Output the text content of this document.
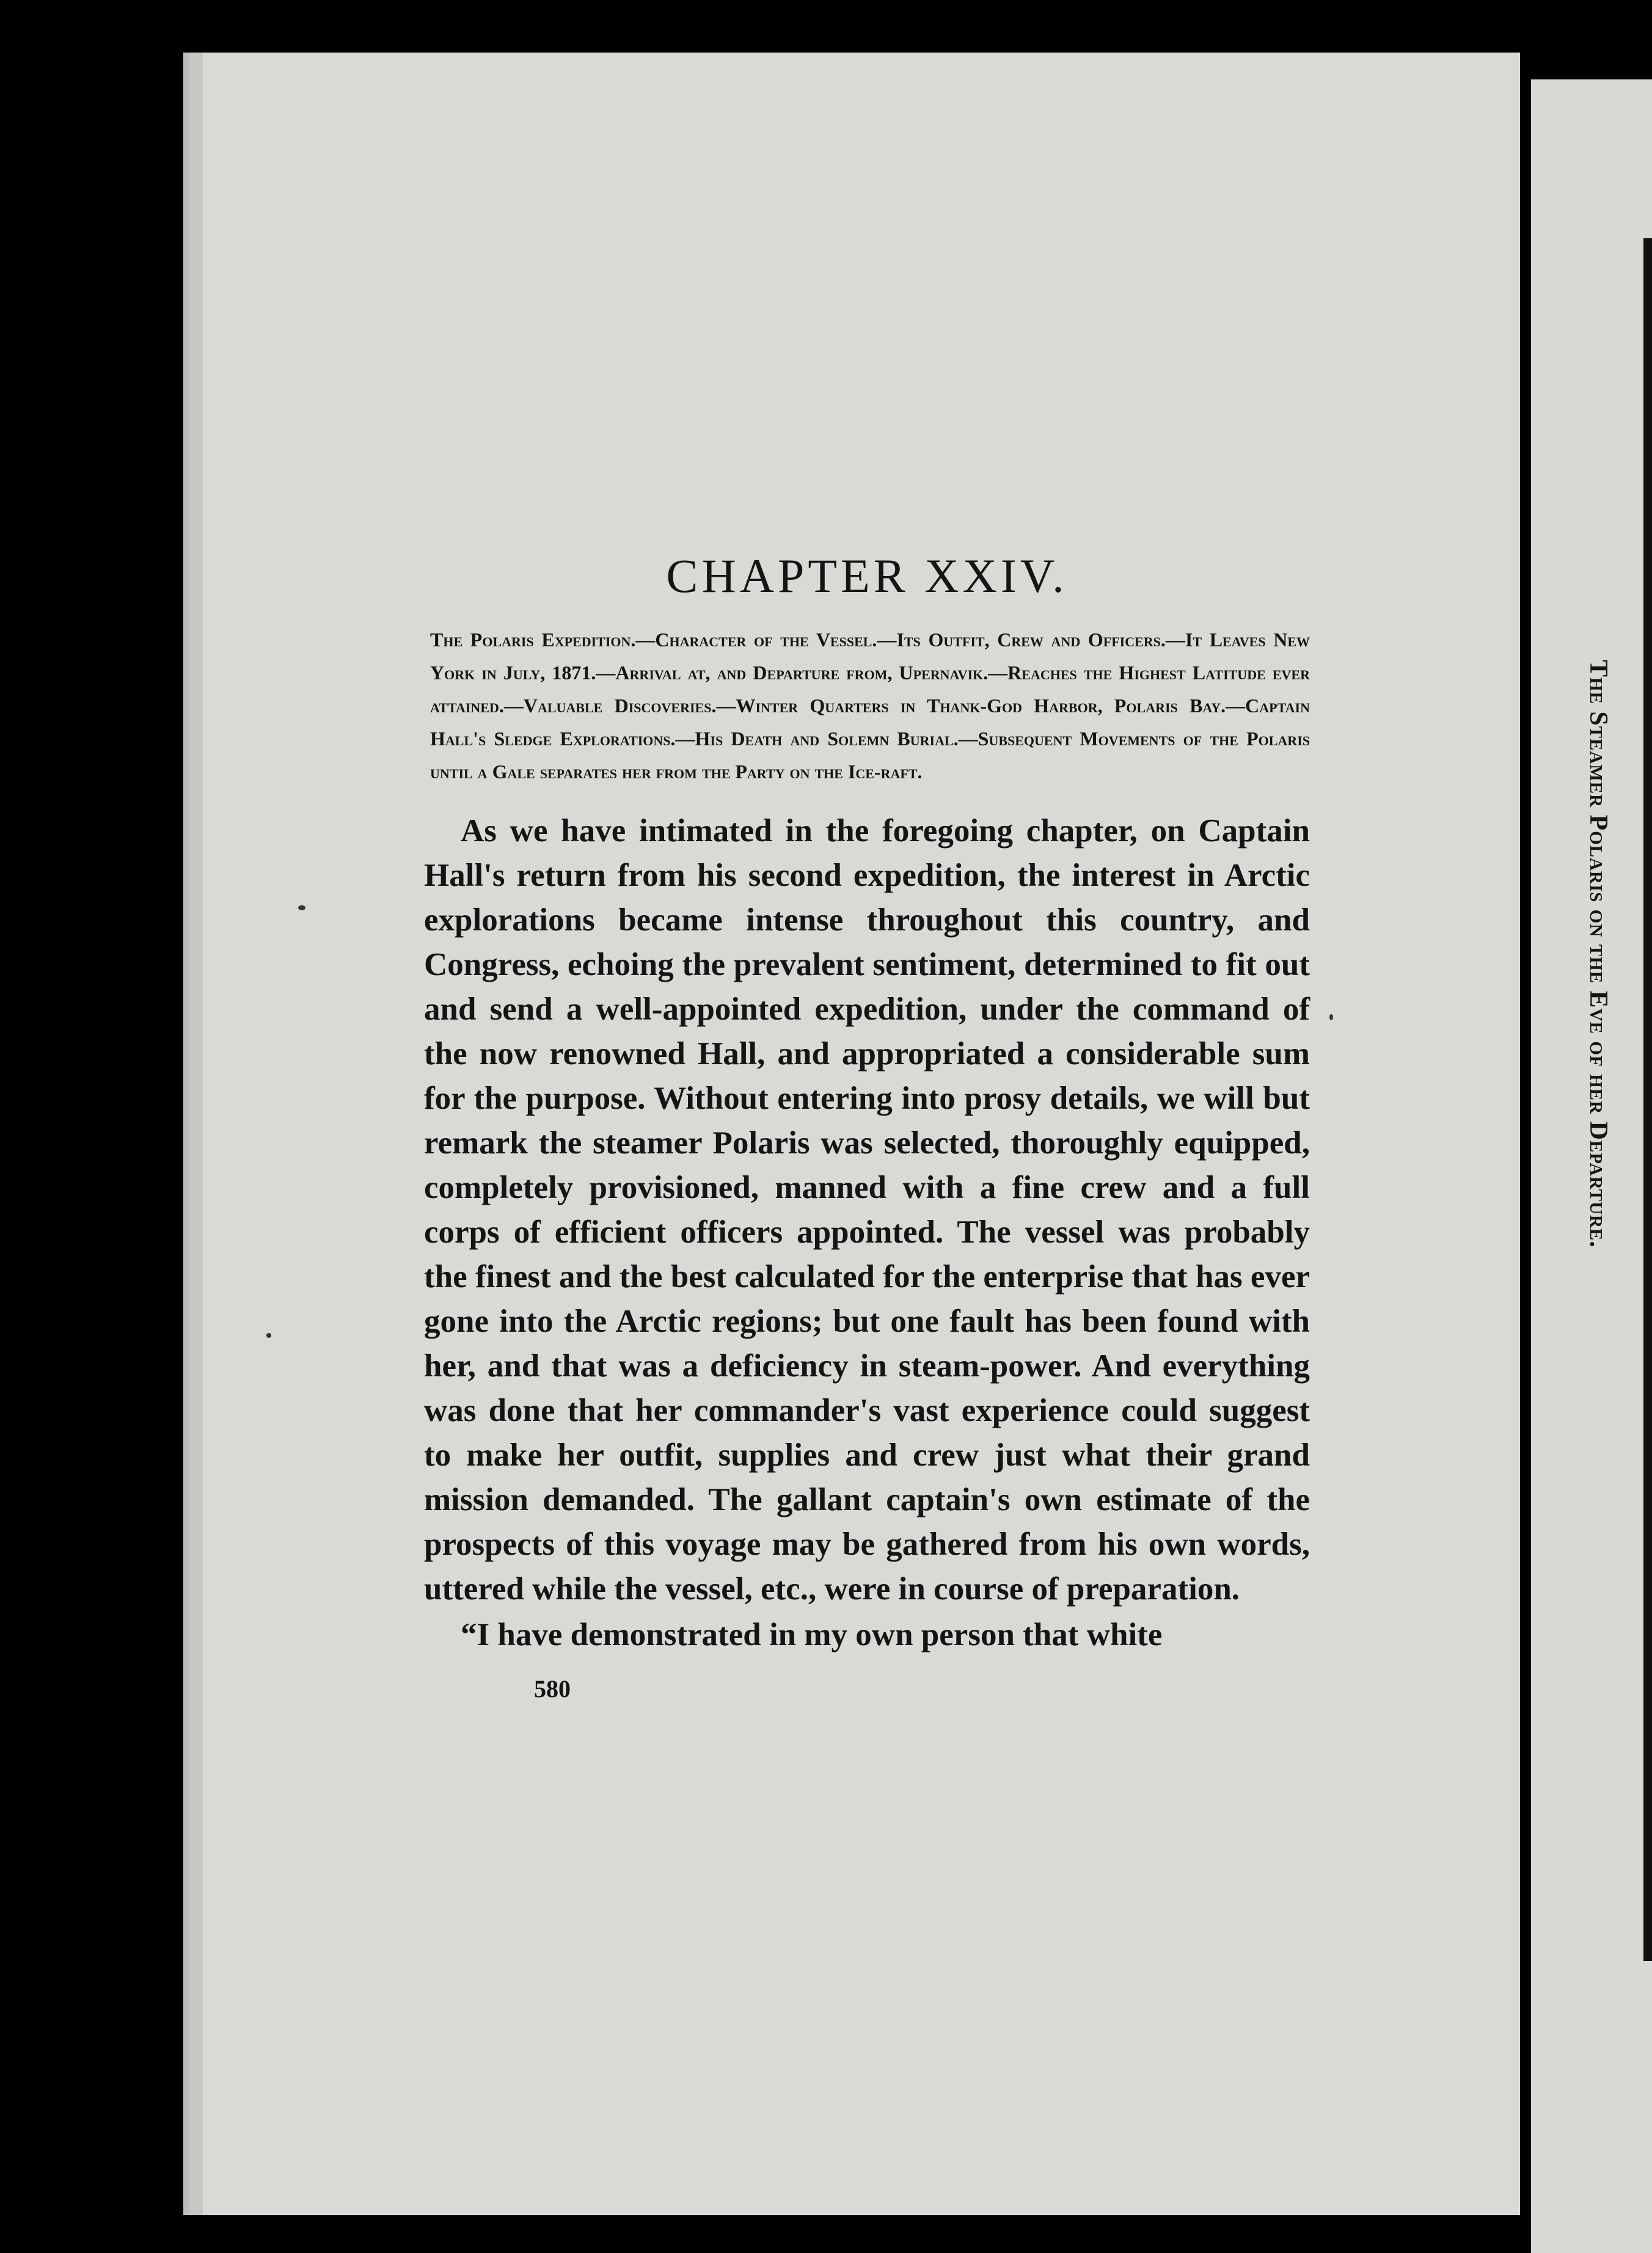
CHAPTER XXIV.

The Polaris Expedition.—Character of the Vessel.—Its Outfit, Crew and Officers.—It Leaves New York in July, 1871.—Arrival at, and Departure from, Upernavik.—Reaches the Highest Latitude ever attained.—Valuable Discoveries.—Winter Quarters in Thank-God Harbor, Polaris Bay.—Captain Hall's Sledge Explorations.—His Death and Solemn Burial.—Subsequent Movements of the Polaris until a Gale separates her from the Party on the Ice-raft.

As we have intimated in the foregoing chapter, on Captain Hall's return from his second expedition, the interest in Arctic explorations became intense throughout this country, and Congress, echoing the prevalent sentiment, determined to fit out and send a well-appointed expedition, under the command of the now renowned Hall, and appropriated a considerable sum for the purpose. Without entering into prosy details, we will but remark the steamer Polaris was selected, thoroughly equipped, completely provisioned, manned with a fine crew and a full corps of efficient officers appointed. The vessel was probably the finest and the best calculated for the enterprise that has ever gone into the Arctic regions; but one fault has been found with her, and that was a deficiency in steam-power. And everything was done that her commander's vast experience could suggest to make her outfit, supplies and crew just what their grand mission demanded. The gallant captain's own estimate of the prospects of this voyage may be gathered from his own words, uttered while the vessel, etc., were in course of preparation.

“I have demonstrated in my own person that white

580
The Steamer Polaris on the Eve of her Departure.
